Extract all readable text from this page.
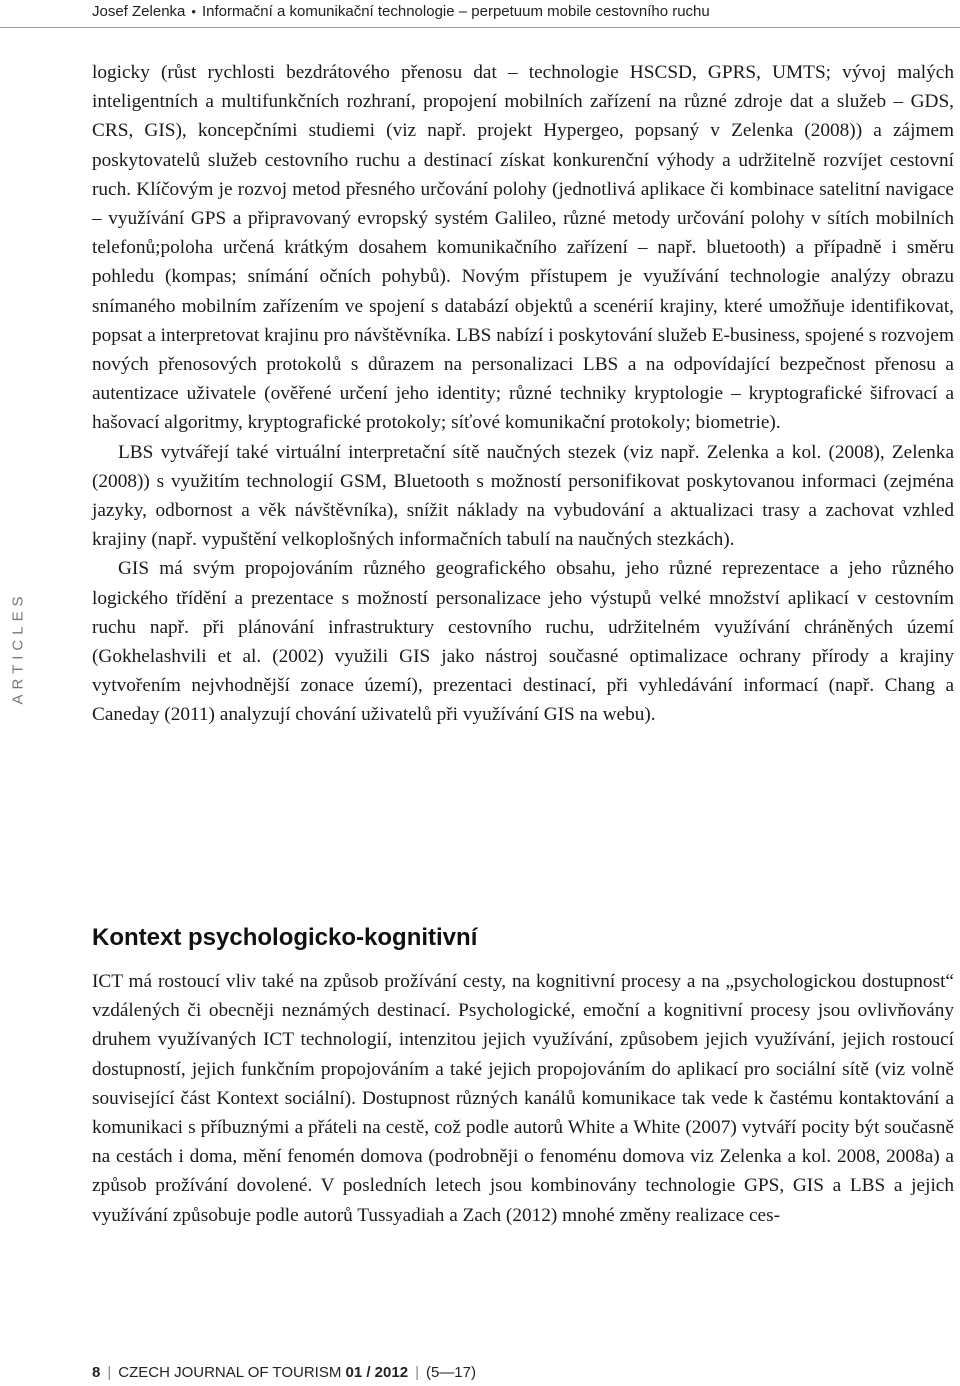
Josef Zelenka • Informační a komunikační technologie – perpetuum mobile cestovního ruchu
ARTICLES

logicky (růst rychlosti bezdrátového přenosu dat – technologie HSCSD, GPRS, UMTS; vývoj malých inteligentních a multifunkčních rozhraní, propojení mobilních zařízení na různé zdroje dat a služeb – GDS, CRS, GIS), koncepčními studiemi (viz např. projekt Hypergeo, popsaný v Zelenka (2008)) a zájmem poskytovatelů služeb cestovního ruchu a destinací získat konkurenční výhody a udržitelně rozvíjet cestovní ruch. Klíčovým je rozvoj metod přesného určování polohy (jednotlivá aplikace či kombinace satelitní navigace – využívání GPS a připravovaný evropský systém Galileo, různé metody určování polohy v sítích mobilních telefonů;poloha určená krátkým dosahem komunikačního zařízení – např. bluetooth) a případně i směru pohledu (kompas; snímání očních pohybů). Novým přístupem je využívání technologie analýzy obrazu snímaného mobilním zařízením ve spojení s databází objektů a scenérií krajiny, které umožňuje identifikovat, popsat a interpretovat krajinu pro návštěvníka. LBS nabízí i poskytování služeb E-business, spojené s rozvojem nových přenosových protokolů s důrazem na personalizaci LBS a na odpovídající bezpečnost přenosu a autentizace uživatele (ověřené určení jeho identity; různé techniky kryptologie – kryptografické šifrovací a hašovací algoritmy, kryptografické protokoly; síťové komunikační protokoly; biometrie).

LBS vytvářejí také virtuální interpretační sítě naučných stezek (viz např. Zelenka a kol. (2008), Zelenka (2008)) s využitím technologií GSM, Bluetooth s možností personifikovat poskytovanou informaci (zejména jazyky, odbornost a věk návštěvníka), snížit náklady na vybudování a aktualizaci trasy a zachovat vzhled krajiny (např. vypuštění velkoplošných informačních tabulí na naučných stezkách).

GIS má svým propojováním různého geografického obsahu, jeho různé reprezentace a jeho různého logického třídění a prezentace s možností personalizace jeho výstupů velké množství aplikací v cestovním ruchu např. při plánování infrastruktury cestovního ruchu, udržitelném využívání chráněných území (Gokhelashvili et al. (2002) využili GIS jako nástroj současné optimalizace ochrany přírody a krajiny vytvořením nejvhodnější zonace území), prezentaci destinací, při vyhledávání informací (např. Chang a Caneday (2011) analyzují chování uživatelů při využívání GIS na webu).

Kontext psychologicko-kognitivní

ICT má rostoucí vliv také na způsob prožívání cesty, na kognitivní procesy a na „psychologickou dostupnost“ vzdálených či obecněji neznámých destinací. Psychologické, emoční a kognitivní procesy jsou ovlivňovány druhem využívaných ICT technologií, intenzitou jejich využívání, způsobem jejich využívání, jejich rostoucí dostupností, jejich funkčním propojováním a také jejich propojováním do aplikací pro sociální sítě (viz volně související část Kontext sociální). Dostupnost různých kanálů komunikace tak vede k častému kontaktování a komunikaci s příbuznými a přáteli na cestě, což podle autorů White a White (2007) vytváří pocity být současně na cestách i doma, mění fenomén domova (podrobněji o fenoménu domova viz Zelenka a kol. 2008, 2008a) a způsob prožívání dovolené. V posledních letech jsou kombinovány technologie GPS, GIS a LBS a jejich využívání způsobuje podle autorů Tussyadiah a Zach (2012) mnohé změny realizace ces-

8 | CZECH JOURNAL OF TOURISM 01 / 2012 | (5—17)
